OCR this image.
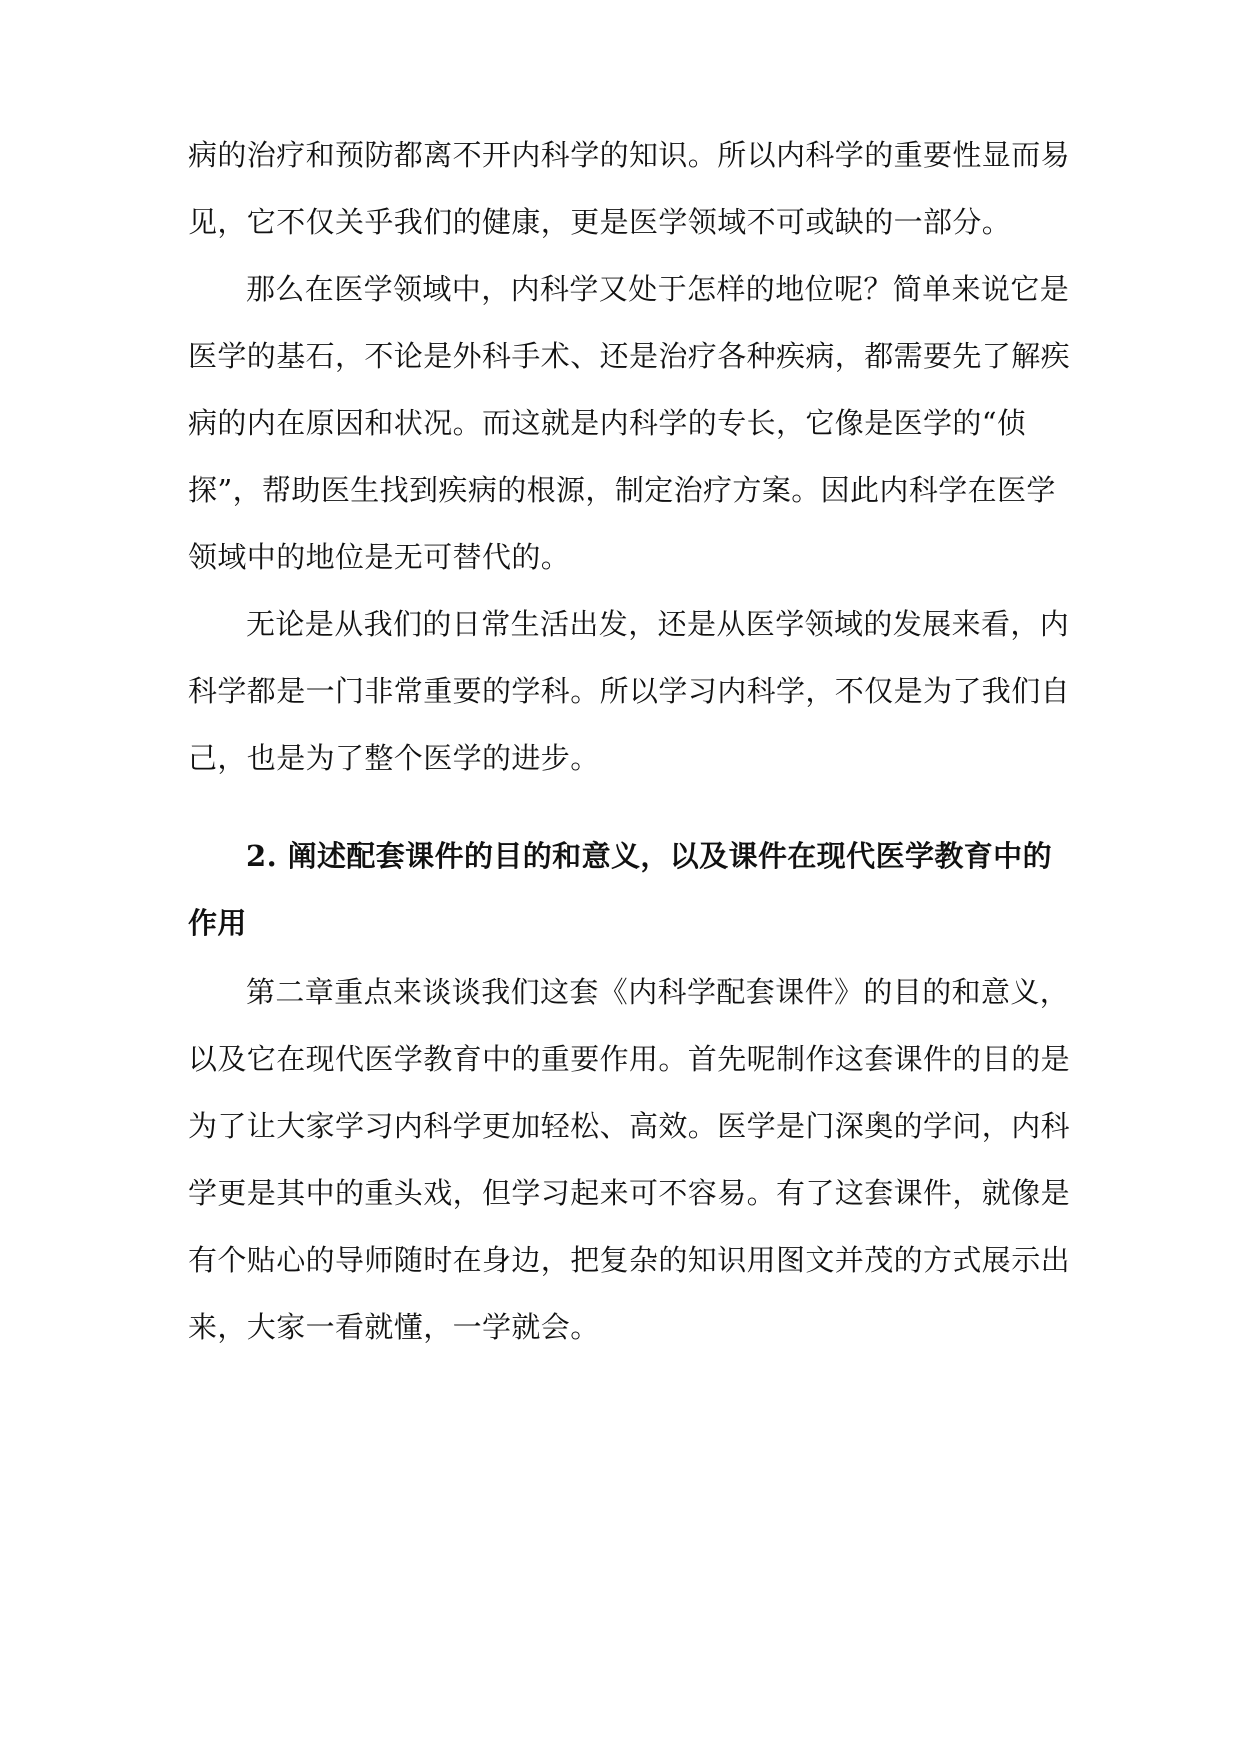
病的治疗和预防都离不开内科学的知识。所以内科学的重要性显而易
见，它不仅关乎我们的健康，更是医学领域不可或缺的一部分。
那么在医学领域中，内科学又处于怎样的地位呢？简单来说它是
医学的基石，不论是外科手术、还是治疗各种疾病，都需要先了解疾
病的内在原因和状况。而这就是内科学的专长，它像是医学的“侦
探”，帮助医生找到疾病的根源，制定治疗方案。因此内科学在医学
领域中的地位是无可替代的。
无论是从我们的日常生活出发，还是从医学领域的发展来看，内
科学都是一门非常重要的学科。所以学习内科学，不仅是为了我们自
己，也是为了整个医学的进步。
2. 阐述配套课件的目的和意义，以及课件在现代医学教育中的
作用
第二章重点来谈谈我们这套《内科学配套课件》的目的和意义，
以及它在现代医学教育中的重要作用。首先呢制作这套课件的目的是
为了让大家学习内科学更加轻松、高效。医学是门深奥的学问，内科
学更是其中的重头戏，但学习起来可不容易。有了这套课件，就像是
有个贴心的导师随时在身边，把复杂的知识用图文并茂的方式展示出
来，大家一看就懂，一学就会。
